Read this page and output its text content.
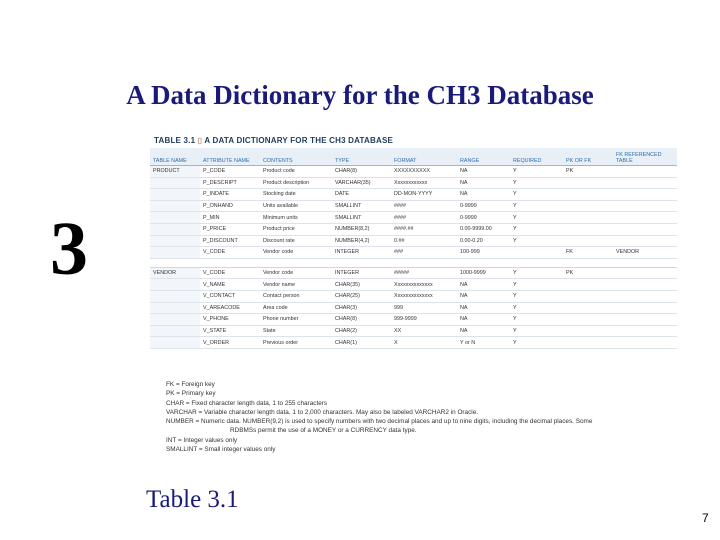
A Data Dictionary for the CH3 Database
3
TABLE 3.1 ▯ A DATA DICTIONARY FOR THE CH3 DATABASE
TABLE NAME	ATTRIBUTE NAME	CONTENTS	TYPE	FORMAT	RANGE	REQUIRED	PK OR FK	FK REFERENCED TABLE
PRODUCT	P_CODE	Product code	CHAR(8)	XXXXXXXXXX	NA	Y	PK	
	P_DESCRIPT	Product description	VARCHAR(35)	Xxxxxxxxxxxx	NA	Y		
	P_INDATE	Stocking date	DATE	DD-MON-YYYY	NA	Y		
	P_ONHAND	Units available	SMALLINT	####	0-9999	Y		
	P_MIN	Minimum units	SMALLINT	####	0-9999	Y		
	P_PRICE	Product price	NUMBER(8,2)	####.##	0.00-9999.00	Y		
	P_DISCOUNT	Discount rate	NUMBER(4,2)	0.##	0.00-0.20	Y		
	V_CODE	Vendor code	INTEGER	###	100-999		FK	VENDOR

VENDOR	V_CODE	Vendor code	INTEGER	#####	1000-9999	Y	PK	
	V_NAME	Vendor name	CHAR(35)	Xxxxxxxxxxxxxx	NA	Y		
	V_CONTACT	Contact person	CHAR(25)	Xxxxxxxxxxxxxx	NA	Y		
	V_AREACODE	Area code	CHAR(3)	999	NA	Y		
	V_PHONE	Phone number	CHAR(8)	999-9999	NA	Y		
	V_STATE	State	CHAR(2)	XX	NA	Y		
	V_ORDER	Previous order	CHAR(1)	X	Y or N	Y		
FK = Foreign key
PK = Primary key
CHAR = Fixed character length data, 1 to 255 characters
VARCHAR = Variable character length data, 1 to 2,000 characters. May also be labeled VARCHAR2 in Oracle.
NUMBER = Numeric data. NUMBER(9,2) is used to specify numbers with two decimal places and up to nine digits, including the decimal places. Some
RDBMSs permit the use of a MONEY or a CURRENCY data type.
INT = Integer values only
SMALLINT = Small integer values only
Table 3.1
7
